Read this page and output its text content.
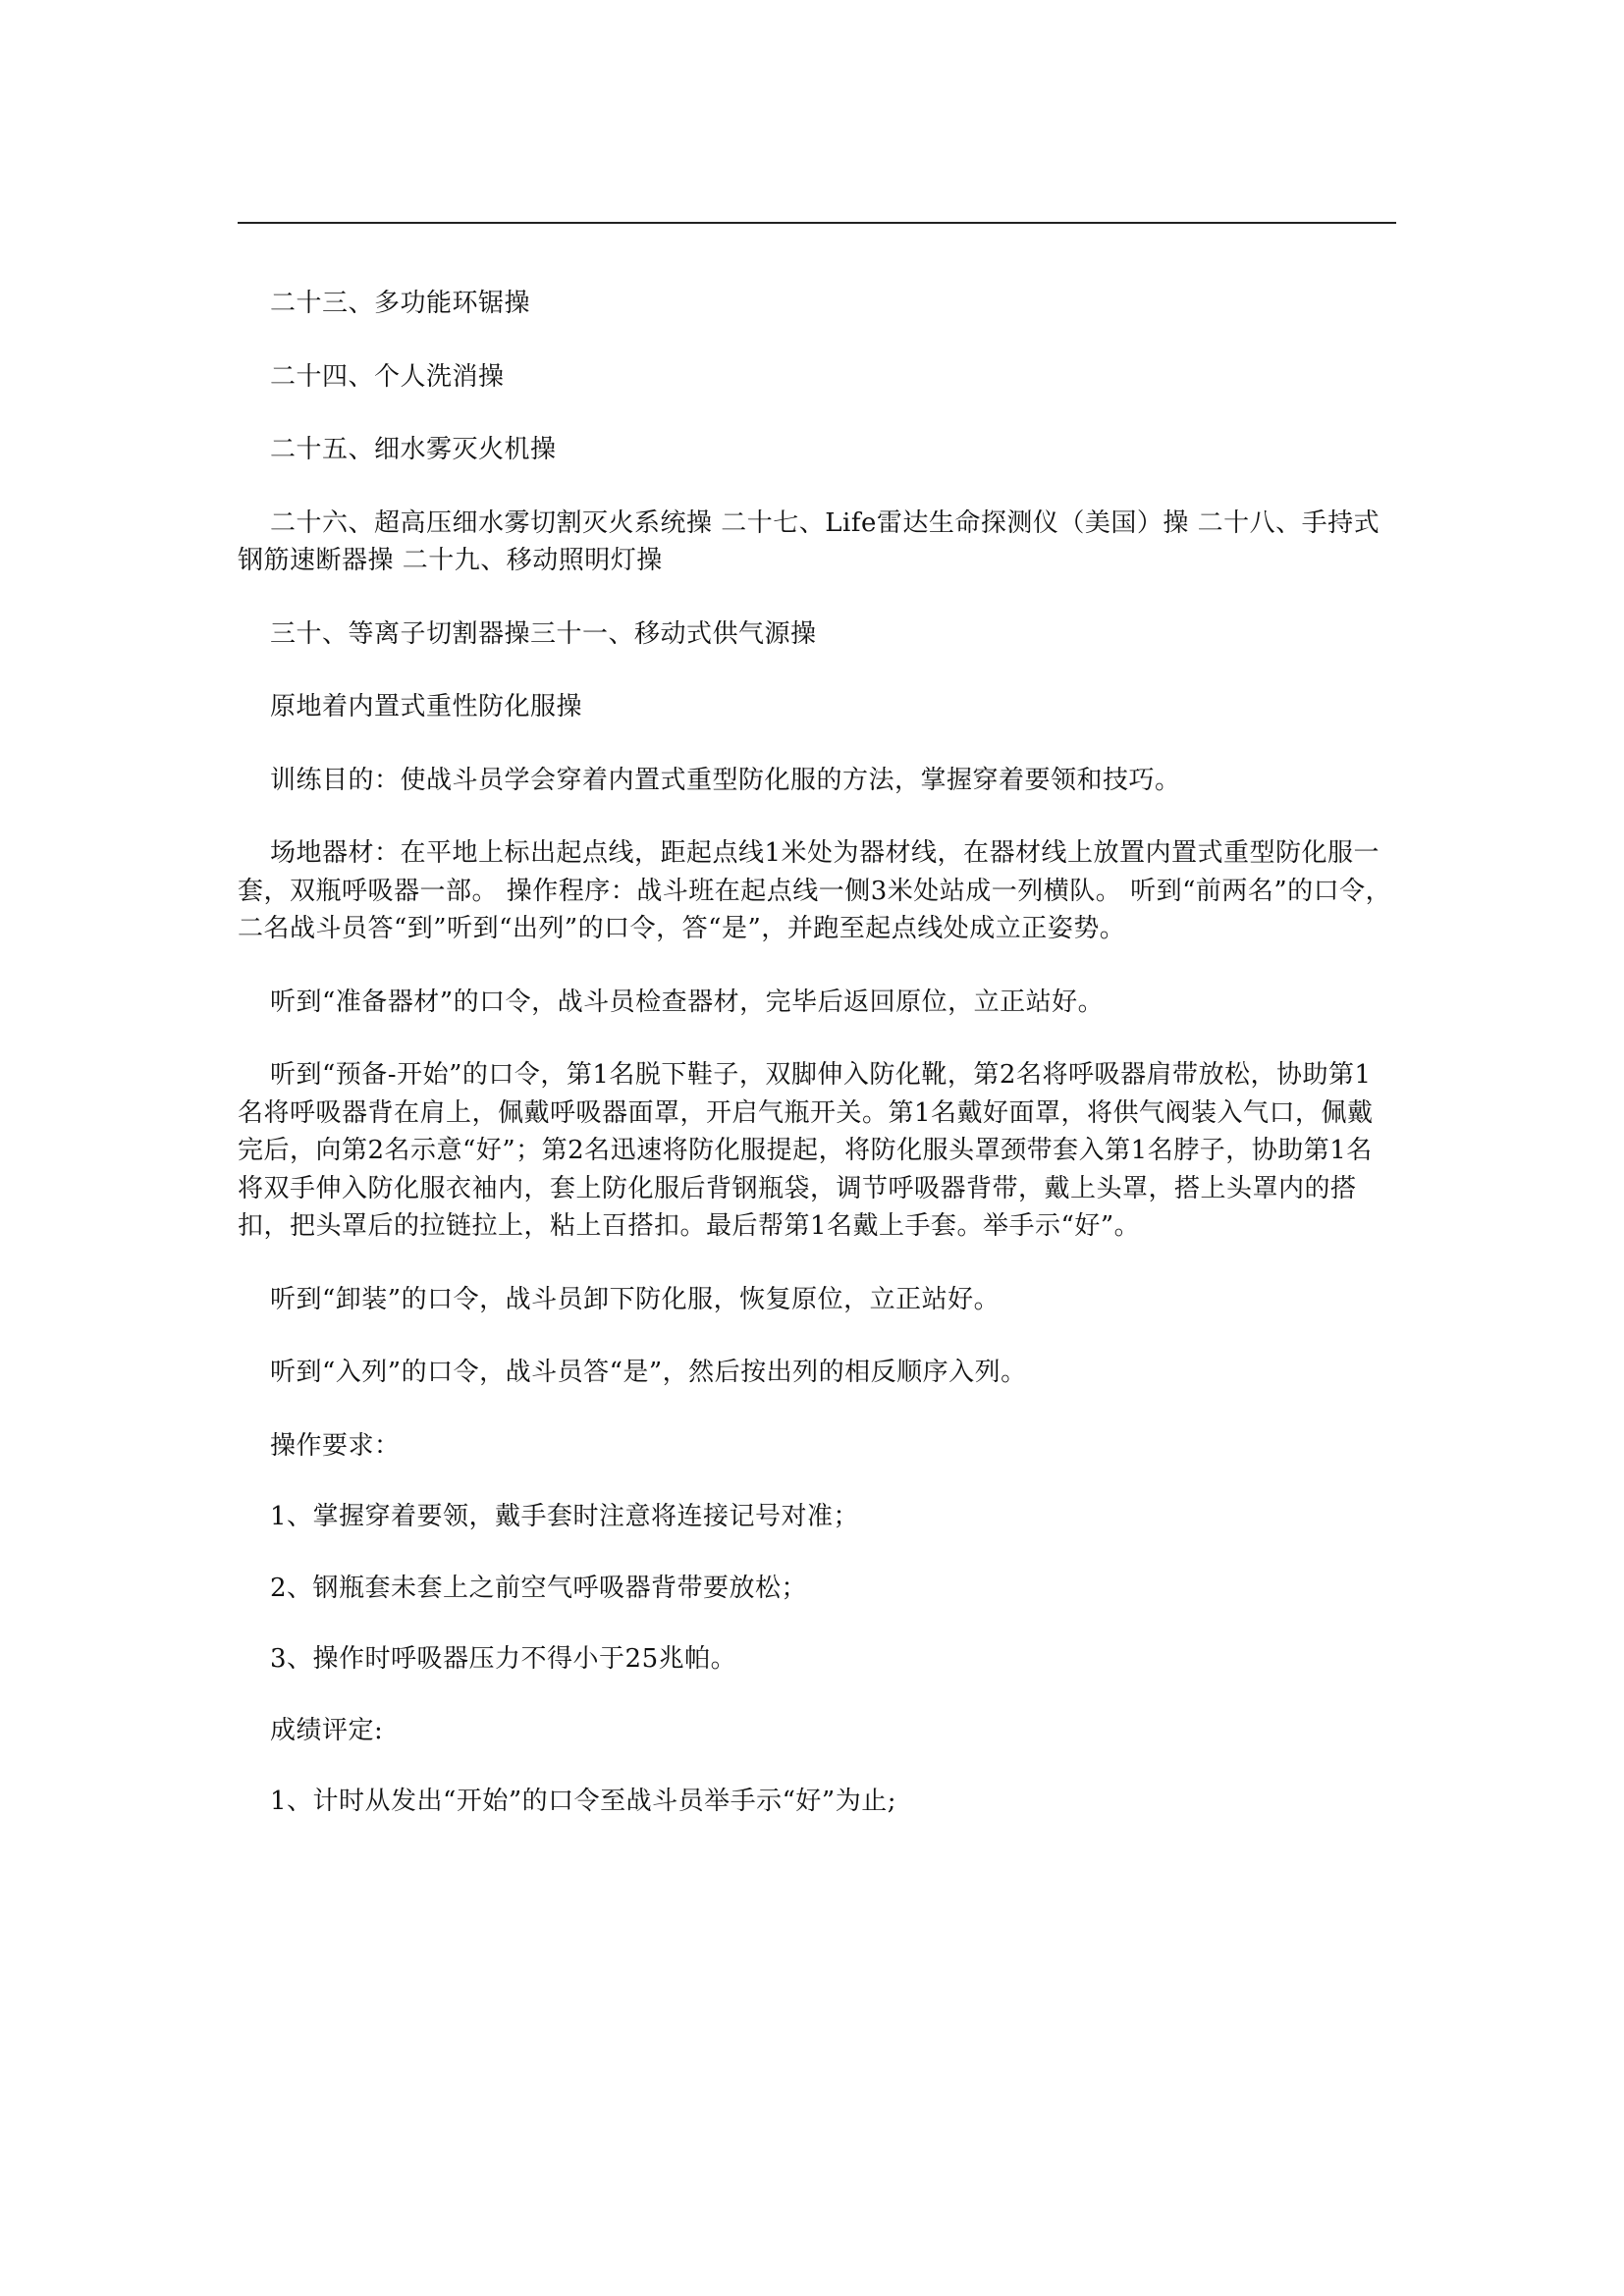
二十三、多功能环锯操

二十四、个人洗消操

二十五、细水雾灭火机操

二十六、超高压细水雾切割灭火系统操 二十七、Life雷达生命探测仪（美国）操 二十八、手持式钢筋速断器操 二十九、移动照明灯操

三十、等离子切割器操三十一、移动式供气源操

原地着内置式重性防化服操

训练目的：使战斗员学会穿着内置式重型防化服的方法，掌握穿着要领和技巧。

场地器材：在平地上标出起点线，距起点线1米处为器材线，在器材线上放置内置式重型防化服一套，双瓶呼吸器一部。 操作程序：战斗班在起点线一侧3米处站成一列横队。 听到“前两名”的口令，二名战斗员答“到”听到“出列”的口令，答“是”，并跑至起点线处成立正姿势。

听到“准备器材”的口令，战斗员检查器材，完毕后返回原位，立正站好。

听到“预备-开始”的口令，第1名脱下鞋子，双脚伸入防化靴，第2名将呼吸器肩带放松，协助第1名将呼吸器背在肩上，佩戴呼吸器面罩，开启气瓶开关。第1名戴好面罩，将供气阀装入气口，佩戴完后，向第2名示意“好”；第2名迅速将防化服提起，将防化服头罩颈带套入第1名脖子，协助第1名将双手伸入防化服衣袖内，套上防化服后背钢瓶袋，调节呼吸器背带，戴上头罩，搭上头罩内的搭扣，把头罩后的拉链拉上，粘上百搭扣。最后帮第1名戴上手套。举手示“好”。

听到“卸装”的口令，战斗员卸下防化服，恢复原位，立正站好。

听到“入列”的口令，战斗员答“是”，然后按出列的相反顺序入列。

操作要求：

1、掌握穿着要领，戴手套时注意将连接记号对准；

2、钢瓶套未套上之前空气呼吸器背带要放松；

3、操作时呼吸器压力不得小于25兆帕。

成绩评定:

1、计时从发出“开始”的口令至战斗员举手示“好”为止;
